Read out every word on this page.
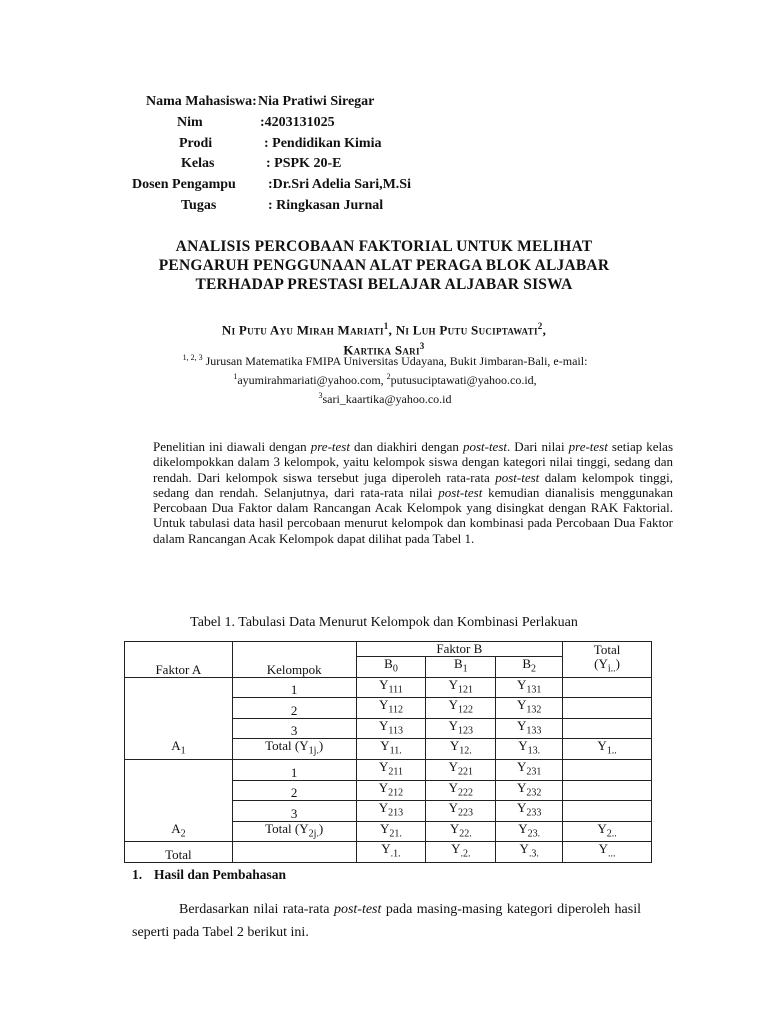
Nama Mahasiswa: Nia Pratiwi Siregar
Nim	:4203131025
Prodi	: Pendidikan Kimia
Kelas	: PSPK 20-E
Dosen Pengampu :Dr.Sri Adelia Sari,M.Si
Tugas	: Ringkasan Jurnal
ANALISIS PERCOBAAN FAKTORIAL UNTUK MELIHAT
PENGARUH PENGGUNAAN ALAT PERAGA BLOK ALJABAR
TERHADAP PRESTASI BELAJAR ALJABAR SISWA
Ni Putu Ayu Mirah Mariati$^1$, Ni Luh Putu Suciptawati$^2$,
Kartika Sari$^3$
$^{1, 2, 3}$ Jurusan Matematika FMIPA Universitas Udayana, Bukit Jimbaran-Bali, e-mail: $^1$ayumirahmariati@yahoo.com, $^2$putusuciptawati@yahoo.co.id,
$^3$sari_kaartika@yahoo.co.id
Penelitian ini diawali dengan pre-test dan diakhiri dengan post-test. Dari nilai pre-test setiap kelas dikelompokkan dalam 3 kelompok, yaitu kelompok siswa dengan kategori nilai tinggi, sedang dan rendah. Dari kelompok siswa tersebut juga diperoleh rata-rata post-test dalam kelompok tinggi, sedang dan rendah. Selanjutnya, dari rata-rata nilai post-test kemudian dianalisis menggunakan Percobaan Dua Faktor dalam Rancangan Acak Kelompok yang disingkat dengan RAK Faktorial. Untuk tabulasi data hasil percobaan menurut kelompok dan kombinasi pada Percobaan Dua Faktor dalam Rancangan Acak Kelompok dapat dilihat pada Tabel 1.
Tabel 1. Tabulasi Data Menurut Kelompok dan Kombinasi Perlakuan
Faktor A	Kelompok	Faktor B			Total
		$B_0$	$B_1$	$B_2$	$(Y_{i..})$
$A_1$	1	$Y_{111}$	$Y_{121}$	$Y_{131}$	
	2	$Y_{112}$	$Y_{122}$	$Y_{132}$	
	3	$Y_{113}$	$Y_{123}$	$Y_{133}$	
	Total $(Y_{1j.})$	$Y_{11.}$	$Y_{12.}$	$Y_{13.}$	$Y_{1..}$
$A_2$	1	$Y_{211}$	$Y_{221}$	$Y_{231}$	
	2	$Y_{212}$	$Y_{222}$	$Y_{232}$	
	3	$Y_{213}$	$Y_{223}$	$Y_{233}$	
	Total $(Y_{2j.})$	$Y_{21.}$	$Y_{22.}$	$Y_{23.}$	$Y_{2..}$
Total		$Y_{.1.}$	$Y_{.2.}$	$Y_{.3.}$	$Y_{...}$
1. Hasil dan Pembahasan
Berdasarkan nilai rata-rata post-test pada masing-masing kategori diperoleh hasil seperti pada Tabel 2 berikut ini.
